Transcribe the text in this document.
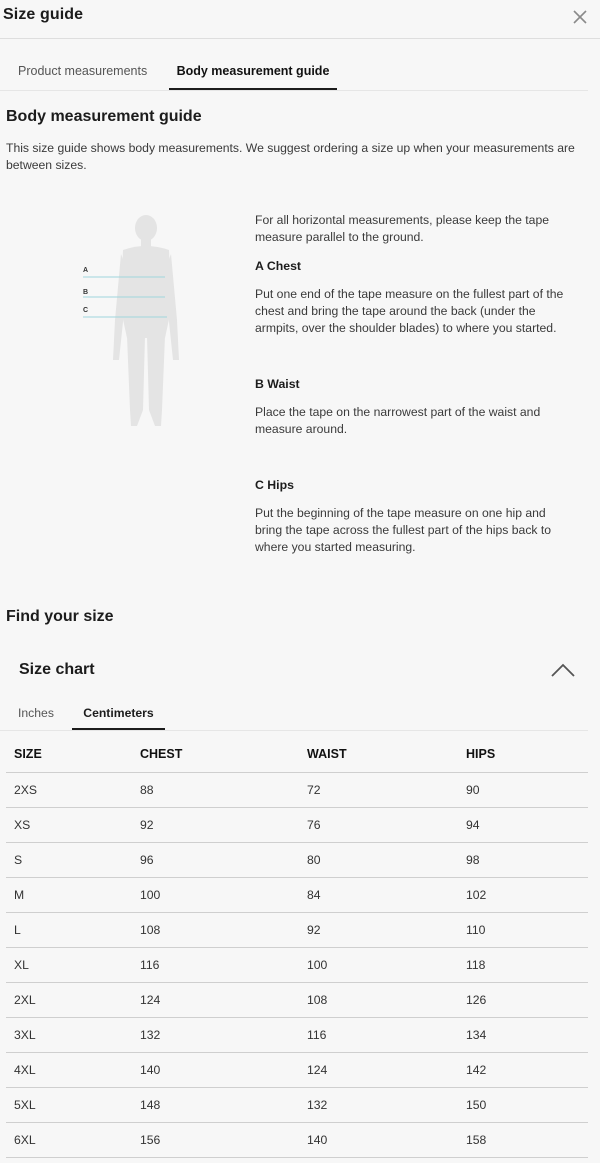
Size guide
Product measurements	Body measurement guide
Body measurement guide
This size guide shows body measurements. We suggest ordering a size up when your measurements are between sizes.
A
B
C
For all horizontal measurements, please keep the tape measure parallel to the ground.
A Chest
Put one end of the tape measure on the fullest part of the chest and bring the tape around the back (under the armpits, over the shoulder blades) to where you started.
B Waist
Place the tape on the narrowest part of the waist and measure around.
C Hips
Put the beginning of the tape measure on one hip and bring the tape across the fullest part of the hips back to where you started measuring.
Find your size
Size chart
Inches	Centimeters
SIZE	CHEST	WAIST	HIPS
2XS	88	72	90
XS	92	76	94
S	96	80	98
M	100	84	102
L	108	92	110
XL	116	100	118
2XL	124	108	126
3XL	132	116	134
4XL	140	124	142
5XL	148	132	150
6XL	156	140	158
